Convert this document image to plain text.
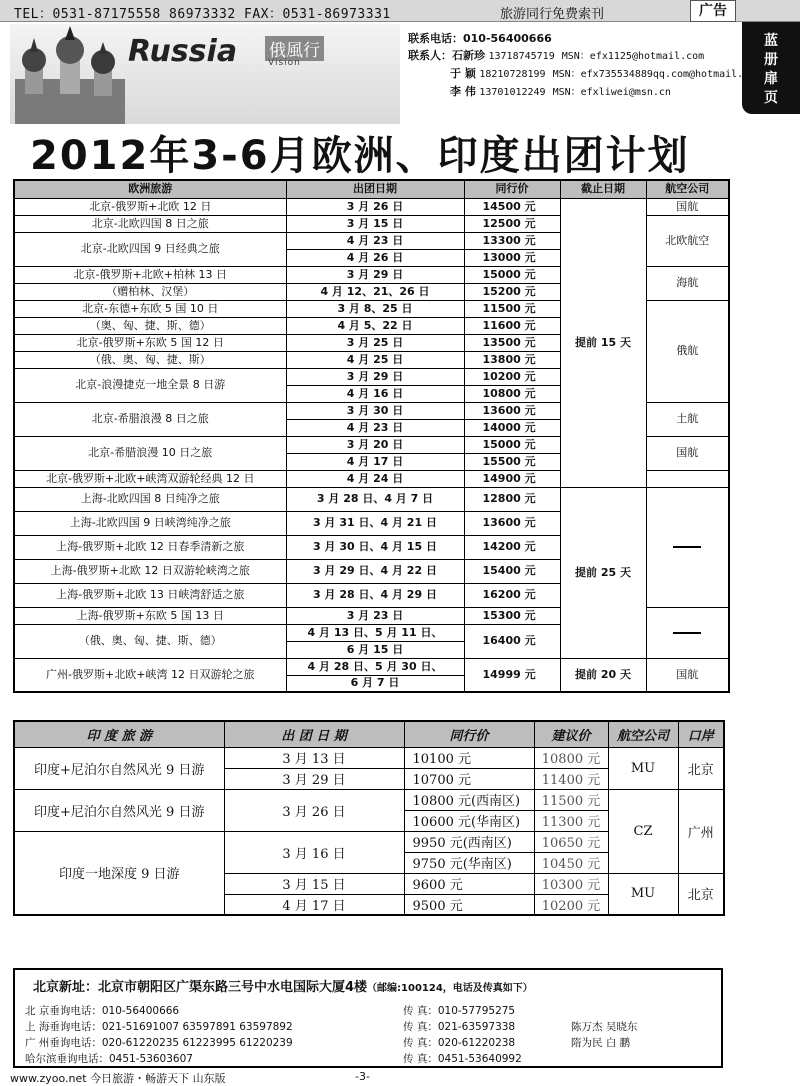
TEL：0531-87175558 86973332 FAX：0531-86973331	旅游同行免费索刊	广告
蓝
册
扉
页
Russia 俄風行
Vision
联系电话：010-56400666
联系人：石新珍 13718745719 MSN：efx1125@hotmail.com
于 颖 18210728199 MSN：efx735534889qq.com@hotmail.com
李 伟 13701012249 MSN：efxliwei@msn.cn
2012年3-6月欧洲、印度出团计划
欧洲旅游	出团日期	同行价	截止日期	航空公司
北京-俄罗斯+北欧 12 日	3 月 26 日	14500 元	提前 15 天	国航
北京-北欧四国 8 日之旅	3 月 15 日	12500 元		北欧航空
北京-北欧四国 9 日经典之旅	4 月 23 日	13300 元		
	4 月 26 日	13000 元		
北京-俄罗斯+北欧+柏林 13 日	3 月 29 日	15000 元		海航
（赠柏林、汉堡）	4 月 12、21、26 日	15200 元		
北京-东德+东欧 5 国 10 日	3 月 8、25 日	11500 元		俄航
（奥、匈、捷、斯、德）	4 月 5、22 日	11600 元		
北京-俄罗斯+东欧 5 国 12 日	3 月 25 日	13500 元		
（俄、奥、匈、捷、斯）	4 月 25 日	13800 元		
北京-浪漫捷克一地全景 8 日游	3 月 29 日	10200 元		
	4 月 16 日	10800 元		
北京-希腊浪漫 8 日之旅	3 月 30 日	13600 元		土航
	4 月 23 日	14000 元		
北京-希腊浪漫 10 日之旅	3 月 20 日	15000 元		国航
	4 月 17 日	15500 元		
北京-俄罗斯+北欧+峡湾双游轮经典 12 日	4 月 24 日	14900 元		
上海-北欧四国 8 日纯净之旅	3 月 28 日、4 月 7 日	12800 元	提前 25 天	
上海-北欧四国 9 日峡湾纯净之旅	3 月 31 日、4 月 21 日	13600 元		
上海-俄罗斯+北欧 12 日春季清新之旅	3 月 30 日、4 月 15 日	14200 元		
上海-俄罗斯+北欧 12 日双游轮峡湾之旅	3 月 29 日、4 月 22 日	15400 元		
上海-俄罗斯+北欧 13 日峡湾舒适之旅	3 月 28 日、4 月 29 日	16200 元		
上海-俄罗斯+东欧 5 国 13 日	3 月 23 日	15300 元		
（俄、奥、匈、捷、斯、德）	4 月 13 日、5 月 11 日、	16400 元		
	6 月 15 日			
广州-俄罗斯+北欧+峡湾 12 日双游轮之旅	4 月 28 日、5 月 30 日、	14999 元	提前 20 天	国航
	6 月 7 日			
印 度 旅 游	出 团 日 期	同行价	建议价	航空公司	口岸
印度+尼泊尔自然风光 9 日游	3 月 13 日	10100 元	10800 元	MU	北京
	3 月 29 日	10700 元	11400 元		
印度+尼泊尔自然风光 9 日游	3 月 26 日	10800 元(西南区)	11500 元	CZ	广州
		10600 元(华南区)	11300 元		
印度一地深度 9 日游	3 月 16 日	9950 元(西南区)	10650 元		
		9750 元(华南区)	10450 元		
	3 月 15 日	9600 元	10300 元	MU	北京
	4 月 17 日	9500 元	10200 元		
北京新址：北京市朝阳区广渠东路三号中水电国际大厦4楼（邮编:100124，电话及传真如下）
北 京垂询电话：010-56400666	传 真：010-57795275
上 海垂询电话：021-51691007 63597891 63597892	传 真：021-63597338	陈万杰 吴晓东
广 州垂询电话：020-61220235 61223995 61220239	传 真：020-61220238	隋为民 白 鹏
哈尔滨垂询电话：0451-53603607	传 真：0451-53640992
www.zyoo.net 今日旅游・畅游天下 山东版	-3-
